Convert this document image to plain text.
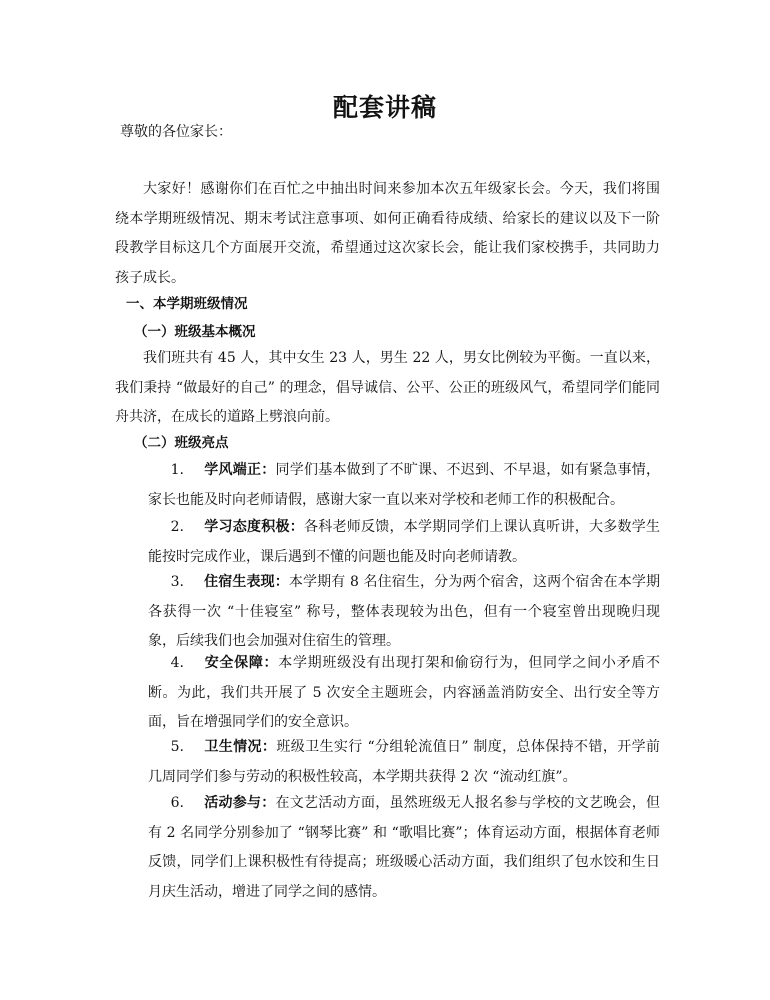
配套讲稿
尊敬的各位家长：
大家好！感谢你们在百忙之中抽出时间来参加本次五年级家长会。今天，我们将围绕本学期班级情况、期末考试注意事项、如何正确看待成绩、给家长的建议以及下一阶段教学目标这几个方面展开交流，希望通过这次家长会，能让我们家校携手，共同助力孩子成长。
一、本学期班级情况
（一）班级基本概况
我们班共有 45 人，其中女生 23 人，男生 22 人，男女比例较为平衡。一直以来，我们秉持 “做最好的自己” 的理念，倡导诚信、公平、公正的班级风气，希望同学们能同舟共济，在成长的道路上劈浪向前。
（二）班级亮点
1. 学风端正：同学们基本做到了不旷课、不迟到、不早退，如有紧急事情，家长也能及时向老师请假，感谢大家一直以来对学校和老师工作的积极配合。
2. 学习态度积极：各科老师反馈，本学期同学们上课认真听讲，大多数学生能按时完成作业，课后遇到不懂的问题也能及时向老师请教。
3. 住宿生表现：本学期有 8 名住宿生，分为两个宿舍，这两个宿舍在本学期各获得一次 “十佳寝室” 称号，整体表现较为出色，但有一个寝室曾出现晚归现象，后续我们也会加强对住宿生的管理。
4. 安全保障：本学期班级没有出现打架和偷窃行为，但同学之间小矛盾不断。为此，我们共开展了 5 次安全主题班会，内容涵盖消防安全、出行安全等方面，旨在增强同学们的安全意识。
5. 卫生情况：班级卫生实行 “分组轮流值日” 制度，总体保持不错，开学前几周同学们参与劳动的积极性较高，本学期共获得 2 次 “流动红旗”。
6. 活动参与：在文艺活动方面，虽然班级无人报名参与学校的文艺晚会，但有 2 名同学分别参加了 “钢琴比赛” 和 “歌唱比赛”；体育运动方面，根据体育老师反馈，同学们上课积极性有待提高；班级暖心活动方面，我们组织了包水饺和生日月庆生活动，增进了同学之间的感情。
